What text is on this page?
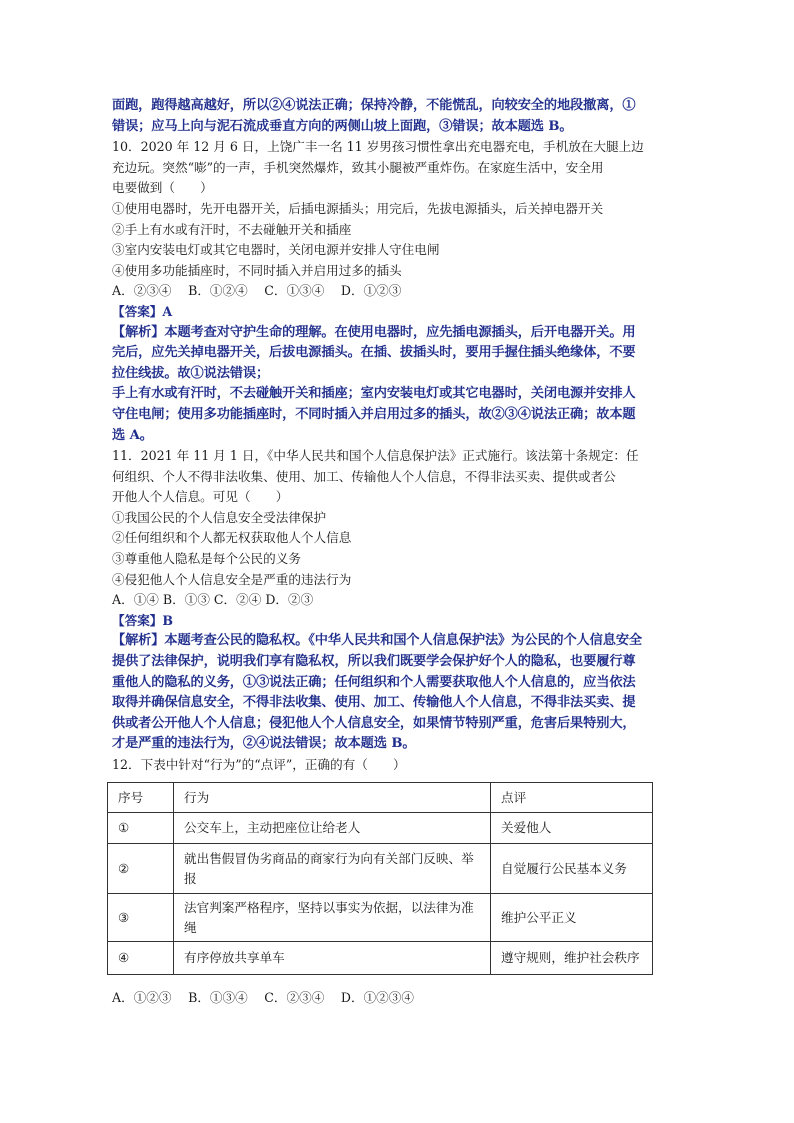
面跑，跑得越高越好，所以②④说法正确；保持冷静，不能慌乱，向较安全的地段撤离，①
错误；应马上向与泥石流成垂直方向的两侧山坡上面跑，③错误；故本题选 B。
10．2020 年 12 月 6 日，上饶广丰一名 11 岁男孩习惯性拿出充电器充电，手机放在大腿上边
充边玩。突然“嘭”的一声，手机突然爆炸，致其小腿被严重炸伤。在家庭生活中，安全用
电要做到（　　）
①使用电器时，先开电器开关，后插电源插头；用完后，先拔电源插头，后关掉电器开关
②手上有水或有汗时，不去碰触开关和插座
③室内安装电灯或其它电器时，关闭电源并安排人守住电闸
④使用多功能插座时，不同时插入并启用过多的插头
A．②③④　 B．①②④　 C．①③④　 D．①②③
【答案】A
【解析】本题考查对守护生命的理解。在使用电器时，应先插电源插头，后开电器开关。用
完后，应先关掉电器开关，后拔电源插头。在插、拔插头时，要用手握住插头绝缘体，不要
拉住线拔。故①说法错误；
手上有水或有汗时，不去碰触开关和插座；室内安装电灯或其它电器时，关闭电源并安排人
守住电闸；使用多功能插座时，不同时插入并启用过多的插头，故②③④说法正确；故本题
选 A。
11．2021 年 11 月 1 日，《中华人民共和国个人信息保护法》正式施行。该法第十条规定：任
何组织、个人不得非法收集、使用、加工、传输他人个人信息，不得非法买卖、提供或者公
开他人个人信息。可见（　　）
①我国公民的个人信息安全受法律保护
②任何组织和个人都无权获取他人个人信息
③尊重他人隐私是每个公民的义务
④侵犯他人个人信息安全是严重的违法行为
A．①④ B．①③ C．②④ D．②③
【答案】B
【解析】本题考查公民的隐私权。《中华人民共和国个人信息保护法》为公民的个人信息安全
提供了法律保护，说明我们享有隐私权，所以我们既要学会保护好个人的隐私，也要履行尊
重他人的隐私的义务，①③说法正确；任何组织和个人需要获取他人个人信息的，应当依法
取得并确保信息安全，不得非法收集、使用、加工、传输他人个人信息，不得非法买卖、提
供或者公开他人个人信息；侵犯他人个人信息安全，如果情节特别严重，危害后果特别大，
才是严重的违法行为，②④说法错误；故本题选 B。
12．下表中针对“行为”的“点评”，正确的有（　　）
序号	行为	点评
①	公交车上，主动把座位让给老人	关爱他人
②	就出售假冒伪劣商品的商家行为向有关部门反映、举报	自觉履行公民基本义务
③	法官判案严格程序，坚持以事实为依据，以法律为准绳	维护公平正义
④	有序停放共享单车	遵守规则，维护社会秩序
A．①②③　 B．①③④　 C．②③④　 D．①②③④
